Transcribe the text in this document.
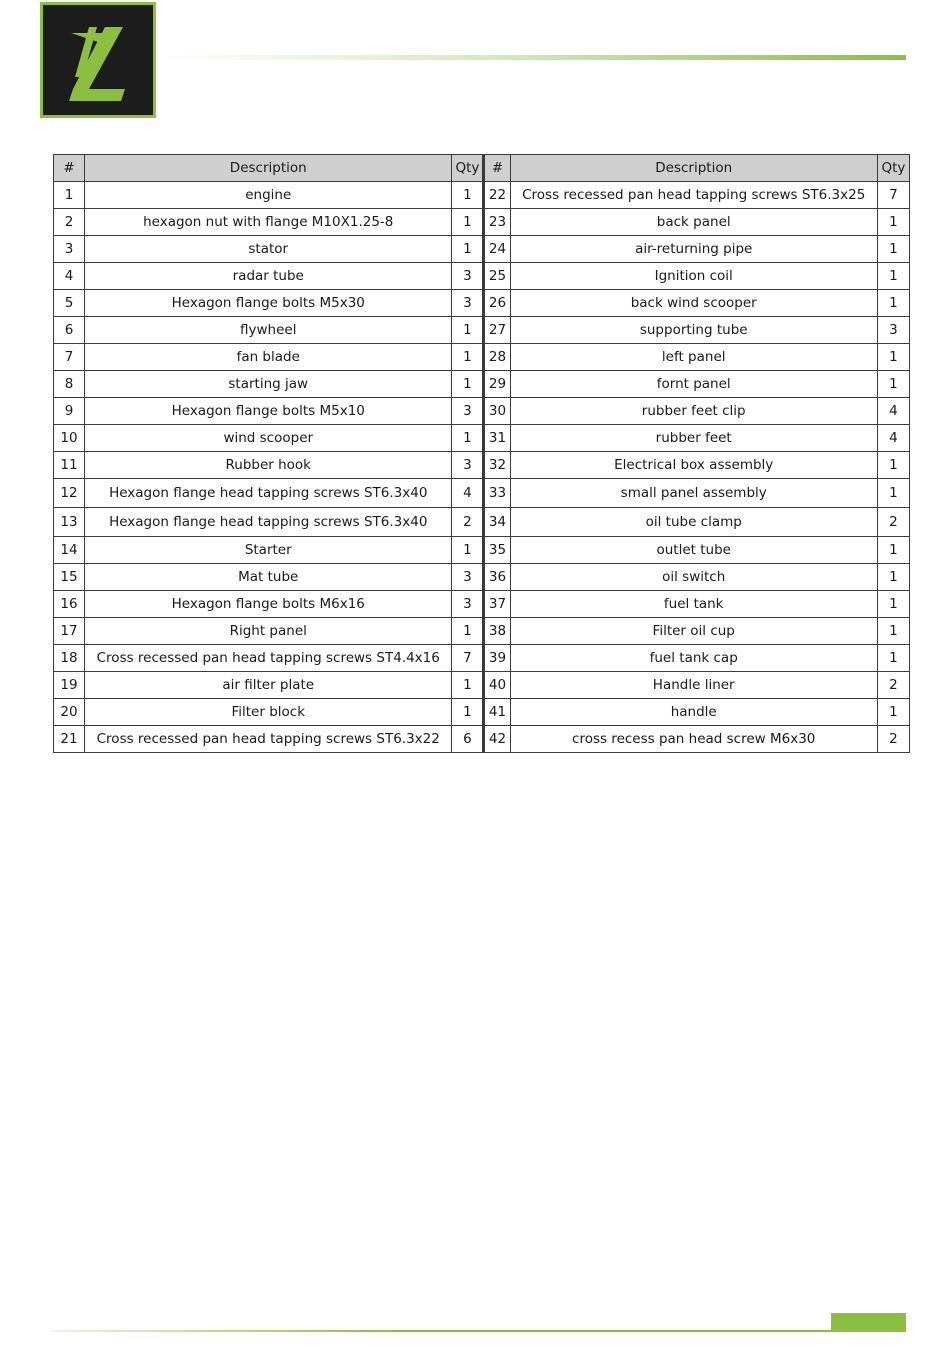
#	Description	Qty	#	Description	Qty
1	engine	1	22	Cross recessed pan head tapping screws ST6.3x25	7
2	hexagon nut with flange M10X1.25-8	1	23	back panel	1
3	stator	1	24	air-returning pipe	1
4	radar tube	3	25	Ignition coil	1
5	Hexagon flange bolts M5x30	3	26	back wind scooper	1
6	flywheel	1	27	supporting tube	3
7	fan blade	1	28	left panel	1
8	starting jaw	1	29	fornt panel	1
9	Hexagon flange bolts M5x10	3	30	rubber feet clip	4
10	wind scooper	1	31	rubber feet	4
11	Rubber hook	3	32	Electrical box assembly	1
12	Hexagon flange head tapping screws ST6.3x40	4	33	small panel assembly	1
13	Hexagon flange head tapping screws ST6.3x40	2	34	oil tube clamp	2
14	Starter	1	35	outlet tube	1
15	Mat tube	3	36	oil switch	1
16	Hexagon flange bolts M6x16	3	37	fuel tank	1
17	Right panel	1	38	Filter oil cup	1
18	Cross recessed pan head tapping screws ST4.4x16	7	39	fuel tank cap	1
19	air filter plate	1	40	Handle liner	2
20	Filter block	1	41	handle	1
21	Cross recessed pan head tapping screws ST6.3x22	6	42	cross recess pan head screw M6x30	2
